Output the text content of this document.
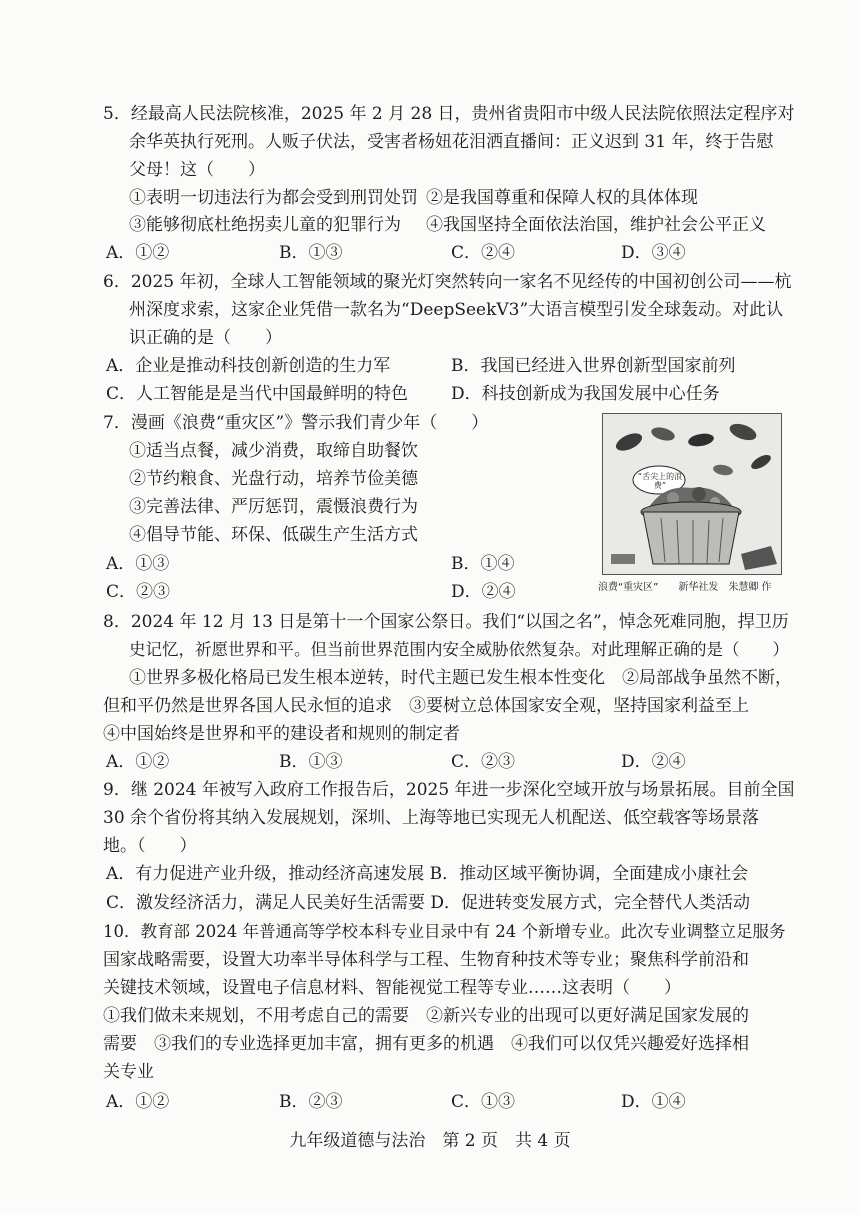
5．经最高人民法院核准，2025 年 2 月 28 日，贵州省贵阳市中级人民法院依照法定程序对
余华英执行死刑。人贩子伏法，受害者杨妞花泪洒直播间：正义迟到 31 年，终于告慰
父母！这（　　）
①表明一切违法行为都会受到刑罚处罚 ②是我国尊重和保障人权的具体体现
③能够彻底杜绝拐卖儿童的犯罪行为 ④我国坚持全面依法治国，维护社会公平正义
A．①②	B．①③	C．②④	D．③④
6．2025 年初，全球人工智能领域的聚光灯突然转向一家名不见经传的中国初创公司——杭
州深度求索，这家企业凭借一款名为“DeepSeekV3”大语言模型引发全球轰动。对此认
识正确的是（　　）
A．企业是推动科技创新创造的生力军	B．我国已经进入世界创新型国家前列
C．人工智能是是当代中国最鲜明的特色	D．科技创新成为我国发展中心任务
7．漫画《浪费“重灾区”》警示我们青少年（　　）
①适当点餐，减少消费，取缔自助餐饮
②节约粮食、光盘行动，培养节俭美德
③完善法律、严厉惩罚，震慑浪费行为
④倡导节能、环保、低碳生产生活方式
A．①③	B．①④
C．②③	D．②④
“舌尖上的浪费”
浪费“重灾区”　　新华社发　朱慧卿 作
8．2024 年 12 月 13 日是第十一个国家公祭日。我们“以国之名”，悼念死难同胞，捍卫历
史记忆，祈愿世界和平。但当前世界范围内安全威胁依然复杂。对此理解正确的是（　　）
①世界多极化格局已发生根本逆转，时代主题已发生根本性变化　②局部战争虽然不断，
但和平仍然是世界各国人民永恒的追求　③要树立总体国家安全观，坚持国家利益至上
④中国始终是世界和平的建设者和规则的制定者
A．①②	B．①③	C．②③	D．②④
9．继 2024 年被写入政府工作报告后，2025 年进一步深化空域开放与场景拓展。目前全国
30 余个省份将其纳入发展规划，深圳、上海等地已实现无人机配送、低空载客等场景落
地。（　　）
A．有力促进产业升级，推动经济高速发展 B．推动区域平衡协调，全面建成小康社会
C．激发经济活力，满足人民美好生活需要 D．促进转变发展方式，完全替代人类活动
10．教育部 2024 年普通高等学校本科专业目录中有 24 个新增专业。此次专业调整立足服务
国家战略需要，设置大功率半导体科学与工程、生物育种技术等专业；聚焦科学前沿和
关键技术领域，设置电子信息材料、智能视觉工程等专业……这表明（　　）
①我们做未来规划，不用考虑自己的需要　②新兴专业的出现可以更好满足国家发展的
需要　③我们的专业选择更加丰富，拥有更多的机遇　④我们可以仅凭兴趣爱好选择相
关专业
A．①②	B．②③	C．①③	D．①④
九年级道德与法治　第 2 页　共 4 页
